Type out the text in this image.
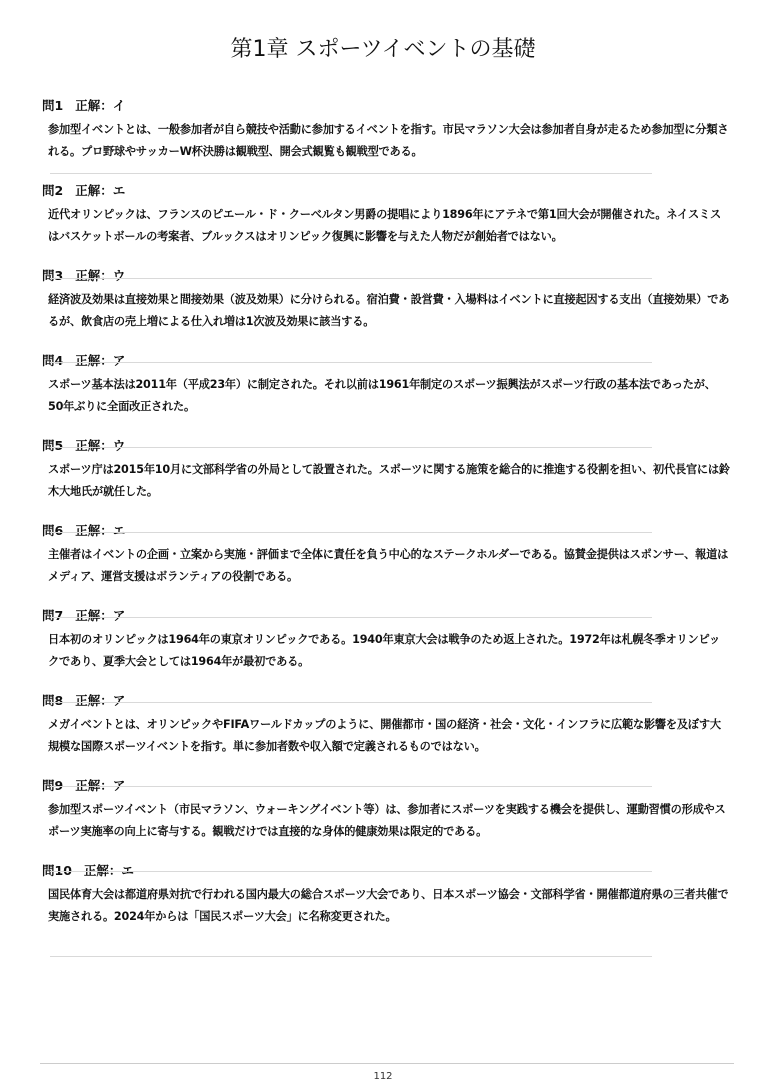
第1章 スポーツイベントの基礎

問1 正解：イ

参加型イベントとは、一般参加者が自ら競技や活動に参加するイベントを指す。市民マラソン大会は参加者自身が走るため参加型に分類される。プロ野球やサッカーW杯決勝は観戦型、開会式観覧も観戦型である。

問2 正解：エ

近代オリンピックは、フランスのピエール・ド・クーベルタン男爵の提唱により1896年にアテネで第1回大会が開催された。ネイスミスはバスケットボールの考案者、ブルックスはオリンピック復興に影響を与えた人物だが創始者ではない。

問3 正解：ウ

経済波及効果は直接効果と間接効果（波及効果）に分けられる。宿泊費・設営費・入場料はイベントに直接起因する支出（直接効果）であるが、飲食店の売上増による仕入れ増は1次波及効果に該当する。

問4 正解：ア

スポーツ基本法は2011年（平成23年）に制定された。それ以前は1961年制定のスポーツ振興法がスポーツ行政の基本法であったが、50年ぶりに全面改正された。

問5 正解：ウ

スポーツ庁は2015年10月に文部科学省の外局として設置された。スポーツに関する施策を総合的に推進する役割を担い、初代長官には鈴木大地氏が就任した。

問6 正解：エ

主催者はイベントの企画・立案から実施・評価まで全体に責任を負う中心的なステークホルダーである。協賛金提供はスポンサー、報道はメディア、運営支援はボランティアの役割である。

問7 正解：ア

日本初のオリンピックは1964年の東京オリンピックである。1940年東京大会は戦争のため返上された。1972年は札幌冬季オリンピックであり、夏季大会としては1964年が最初である。

問8 正解：ア

メガイベントとは、オリンピックやFIFAワールドカップのように、開催都市・国の経済・社会・文化・インフラに広範な影響を及ぼす大規模な国際スポーツイベントを指す。単に参加者数や収入額で定義されるものではない。

問9 正解：ア

参加型スポーツイベント（市民マラソン、ウォーキングイベント等）は、参加者にスポーツを実践する機会を提供し、運動習慣の形成やスポーツ実施率の向上に寄与する。観戦だけでは直接的な身体的健康効果は限定的である。

問10 正解：エ

国民体育大会は都道府県対抗で行われる国内最大の総合スポーツ大会であり、日本スポーツ協会・文部科学省・開催都道府県の三者共催で実施される。2024年からは「国民スポーツ大会」に名称変更された。

112
